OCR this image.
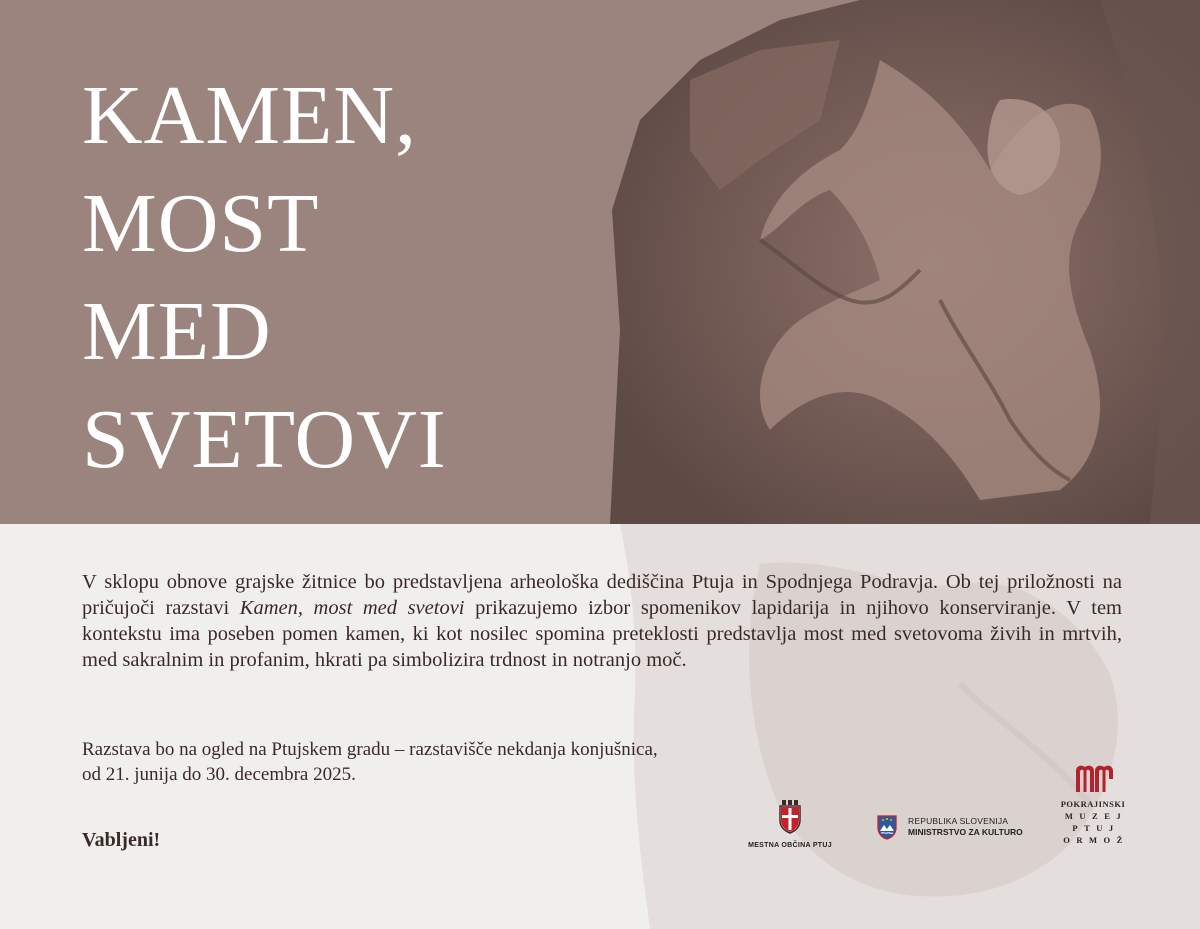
KAMEN,
MOST
MED
SVETOVI

V sklopu obnove grajske žitnice bo predstavljena arheološka dediščina Ptuja in Spodnjega Podravja. Ob tej priložnosti na pričujoči razstavi Kamen, most med svetovi prikazujemo izbor spomenikov lapidarija in njihovo konserviranje. V tem kontekstu ima poseben pomen kamen, ki kot nosilec spomina preteklosti predstavlja most med svetovoma živih in mrtvih, med sakralnim in profanim, hkrati pa simbolizira trdnost in notranjo moč.

Razstava bo na ogled na Ptujskem gradu – razstavišče nekdanja konjušnica,
od 21. junija do 30. decembra 2025.

Vabljeni!	MESTNA OBČINA PTUJ
REPUBLIKA SLOVENIJA
MINISTRSTVO ZA KULTURO
POKRAJINSKI
MUZEJ
PTUJ
ORMOŽ
